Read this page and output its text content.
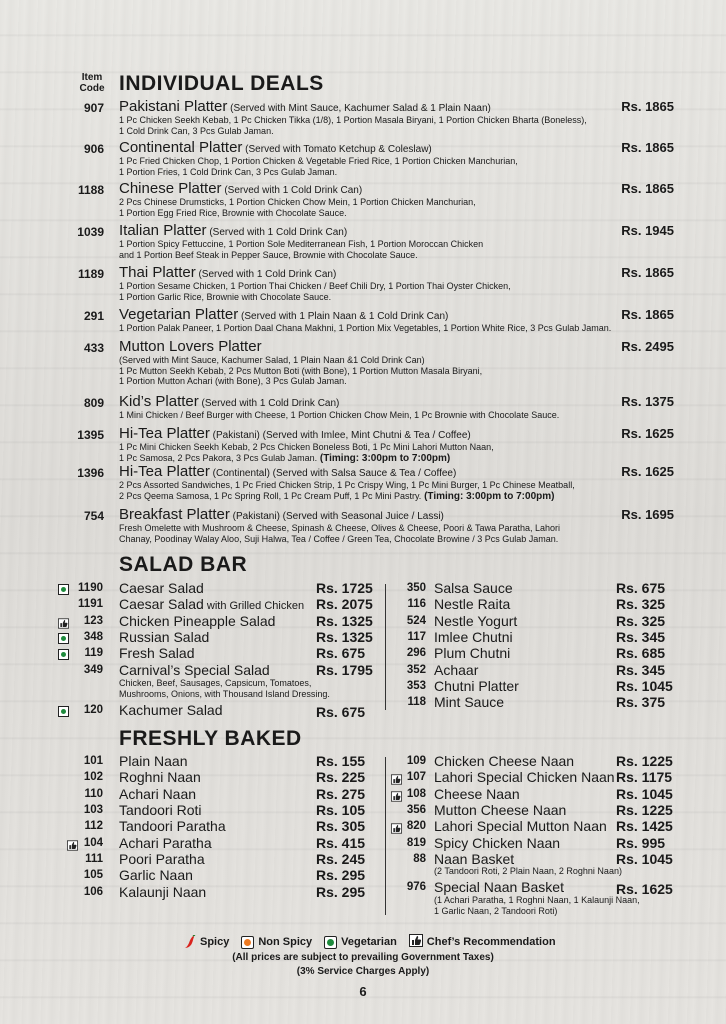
Item
Code INDIVIDUAL DEALS
907 Pakistani Platter (Served with Mint Sauce, Kachumer Salad & 1 Plain Naan)	Rs. 1865
1 Pc Chicken Seekh Kebab, 1 Pc Chicken Tikka (1/8), 1 Portion Masala Biryani, 1 Portion Chicken Bharta (Boneless),
1 Cold Drink Can, 3 Pcs Gulab Jaman.
906 Continental Platter (Served with Tomato Ketchup & Coleslaw)	Rs. 1865
1 Pc Fried Chicken Chop, 1 Portion Chicken & Vegetable Fried Rice, 1 Portion Chicken Manchurian,
1 Portion Fries, 1 Cold Drink Can, 3 Pcs Gulab Jaman.
1188 Chinese Platter (Served with 1 Cold Drink Can)	Rs. 1865
2 Pcs Chinese Drumsticks, 1 Portion Chicken Chow Mein, 1 Portion Chicken Manchurian,
1 Portion Egg Fried Rice, Brownie with Chocolate Sauce.
1039 Italian Platter (Served with 1 Cold Drink Can)	Rs. 1945
1 Portion Spicy Fettuccine, 1 Portion Sole Mediterranean Fish, 1 Portion Moroccan Chicken
and 1 Portion Beef Steak in Pepper Sauce, Brownie with Chocolate Sauce.
1189 Thai Platter (Served with 1 Cold Drink Can)	Rs. 1865
1 Portion Sesame Chicken, 1 Portion Thai Chicken / Beef Chili Dry, 1 Portion Thai Oyster Chicken,
1 Portion Garlic Rice, Brownie with Chocolate Sauce.
291 Vegetarian Platter (Served with 1 Plain Naan & 1 Cold Drink Can)	Rs. 1865
1 Portion Palak Paneer, 1 Portion Daal Chana Makhni, 1 Portion Mix Vegetables, 1 Portion White Rice, 3 Pcs Gulab Jaman.
433 Mutton Lovers Platter	Rs. 2495
(Served with Mint Sauce, Kachumer Salad, 1 Plain Naan &1 Cold Drink Can)
1 Pc Mutton Seekh Kebab, 2 Pcs Mutton Boti (with Bone), 1 Portion Mutton Masala Biryani,
1 Portion Mutton Achari (with Bone), 3 Pcs Gulab Jaman.
809 Kid’s Platter (Served with 1 Cold Drink Can)	Rs. 1375
1 Mini Chicken / Beef Burger with Cheese, 1 Portion Chicken Chow Mein, 1 Pc Brownie with Chocolate Sauce.
1395 Hi-Tea Platter (Pakistani) (Served with Imlee, Mint Chutni & Tea / Coffee)	Rs. 1625
1 Pc Mini Chicken Seekh Kebab, 2 Pcs Chicken Boneless Boti, 1 Pc Mini Lahori Mutton Naan,
1 Pc Samosa, 2 Pcs Pakora, 3 Pcs Gulab Jaman. (Timing: 3:00pm to 7:00pm)
1396 Hi-Tea Platter (Continental) (Served with Salsa Sauce & Tea / Coffee)	Rs. 1625
2 Pcs Assorted Sandwiches, 1 Pc Fried Chicken Strip, 1 Pc Crispy Wing, 1 Pc Mini Burger, 1 Pc Chinese Meatball,
2 Pcs Qeema Samosa, 1 Pc Spring Roll, 1 Pc Cream Puff, 1 Pc Mini Pastry. (Timing: 3:00pm to 7:00pm)
754 Breakfast Platter (Pakistani) (Served with Seasonal Juice / Lassi)	Rs. 1695
Fresh Omelette with Mushroom & Cheese, Spinash & Cheese, Olives & Cheese, Poori & Tawa Paratha, Lahori
Chanay, Poodinay Walay Aloo, Suji Halwa, Tea / Coffee / Green Tea, Chocolate Browine / 3 Pcs Gulab Jaman.
SALAD BAR
1190 Caesar Salad	Rs. 1725
1191 Caesar Salad with Grilled Chicken Rs. 2075
123 Chicken Pineapple Salad	Rs. 1325
348 Russian Salad	Rs. 1325
119 Fresh Salad	Rs. 675
349 Carnival’s Special Salad	Rs. 1795
120 Kachumer Salad	Rs. 675
Chicken, Beef, Sausages, Capsicum, Tomatoes,
Mushrooms, Onions, with Thousand Island Dressing.
350 Salsa Sauce	Rs. 675
116 Nestle Raita	Rs. 325
524 Nestle Yogurt	Rs. 325
117 Imlee Chutni	Rs. 345
296 Plum Chutni	Rs. 685
352 Achaar	Rs. 345
353 Chutni Platter	Rs. 1045
118 Mint Sauce	Rs. 375
FRESHLY BAKED
101 Plain Naan	Rs. 155
102 Roghni Naan	Rs. 225
110 Achari Naan	Rs. 275
103 Tandoori Roti	Rs. 105
112 Tandoori Paratha	Rs. 305
104 Achari Paratha	Rs. 415
111 Poori Paratha	Rs. 245
105 Garlic Naan	Rs. 295
106 Kalaunji Naan	Rs. 295
109 Chicken Cheese Naan	Rs. 1225
107 Lahori Special Chicken Naan Rs. 1175
108 Cheese Naan	Rs. 1045
356 Mutton Cheese Naan	Rs. 1225
820 Lahori Special Mutton Naan Rs. 1425
819 Spicy Chicken Naan	Rs. 995
88 Naan Basket	Rs. 1045
976 Special Naan Basket	Rs. 1625
(2 Tandoori Roti, 2 Plain Naan, 2 Roghni Naan)
(1 Achari Paratha, 1 Roghni Naan, 1 Kalaunji Naan,
1 Garlic Naan, 2 Tandoori Roti)
Spicy	Non Spicy	Vegetarian	Chef’s Recommendation
(All prices are subject to prevailing Government Taxes)
(3% Service Charges Apply)
6
